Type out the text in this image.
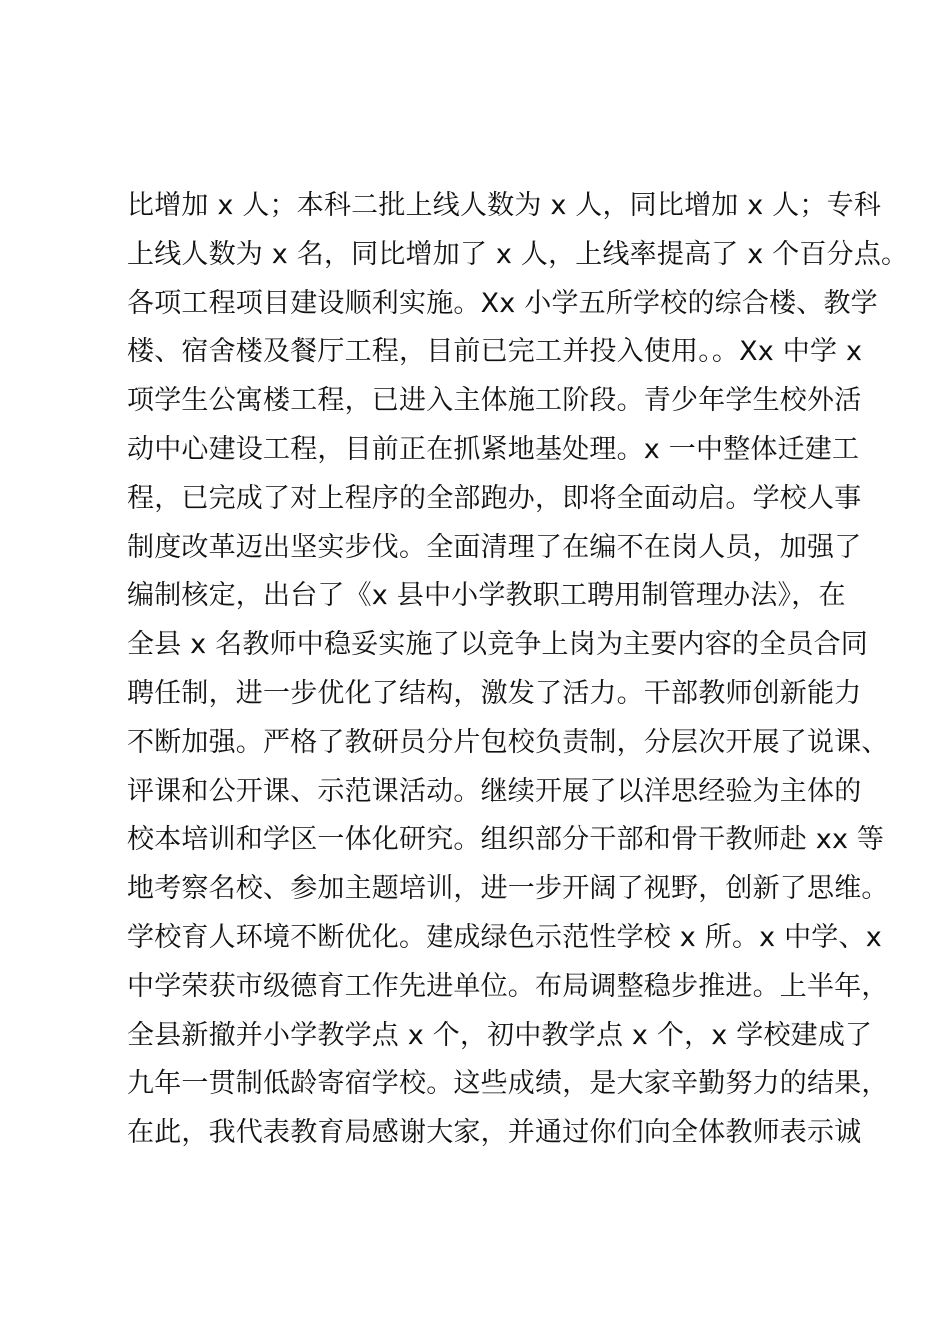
比增加 x 人；本科二批上线人数为 x 人，同比增加 x 人；专科
上线人数为 x 名，同比增加了 x 人，上线率提高了 x 个百分点。
各项工程项目建设顺利实施。Xx 小学五所学校的综合楼、教学
楼、宿舍楼及餐厅工程，目前已完工并投入使用。。Xx 中学 x
项学生公寓楼工程，已进入主体施工阶段。青少年学生校外活
动中心建设工程，目前正在抓紧地基处理。x 一中整体迁建工
程，已完成了对上程序的全部跑办，即将全面动启。学校人事
制度改革迈出坚实步伐。全面清理了在编不在岗人员，加强了
编制核定，出台了《x 县中小学教职工聘用制管理办法》，在
全县 x 名教师中稳妥实施了以竞争上岗为主要内容的全员合同
聘任制，进一步优化了结构，激发了活力。干部教师创新能力
不断加强。严格了教研员分片包校负责制，分层次开展了说课、
评课和公开课、示范课活动。继续开展了以洋思经验为主体的
校本培训和学区一体化研究。组织部分干部和骨干教师赴 xx 等
地考察名校、参加主题培训，进一步开阔了视野，创新了思维。
学校育人环境不断优化。建成绿色示范性学校 x 所。x 中学、x
中学荣获市级德育工作先进单位。布局调整稳步推进。上半年，
全县新撤并小学教学点 x 个，初中教学点 x 个，x 学校建成了
九年一贯制低龄寄宿学校。这些成绩，是大家辛勤努力的结果，
在此，我代表教育局感谢大家，并通过你们向全体教师表示诚
